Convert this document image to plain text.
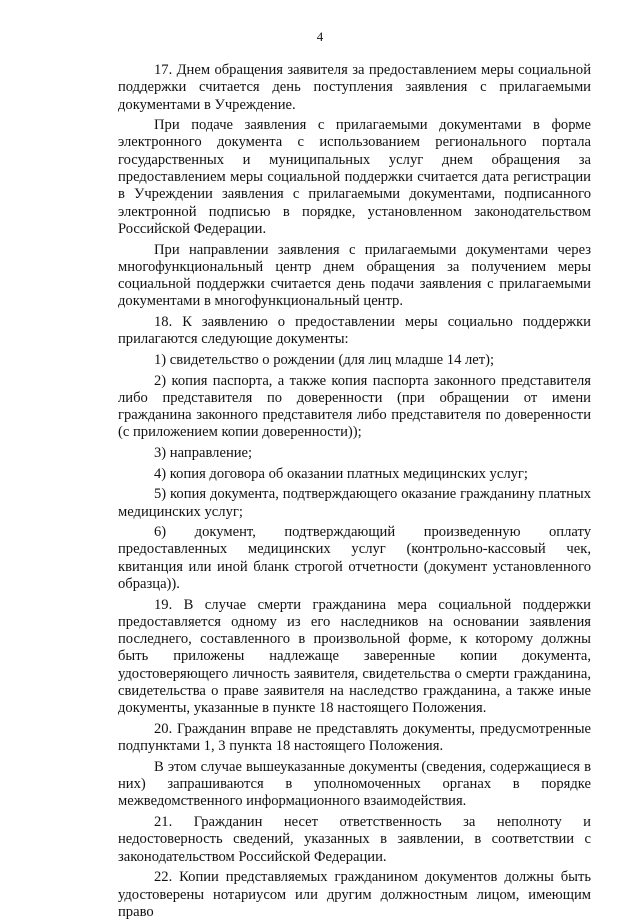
4

17. Днем обращения заявителя за предоставлением меры социальной поддержки считается день поступления заявления с прилагаемыми документами в Учреждение.

При подаче заявления с прилагаемыми документами в форме электронного документа с использованием регионального портала государственных и муниципальных услуг днем обращения за предоставлением меры социальной поддержки считается дата регистрации в Учреждении заявления с прилагаемыми документами, подписанного электронной подписью в порядке, установленном законодательством Российской Федерации.

При направлении заявления с прилагаемыми документами через многофункциональный центр днем обращения за получением меры социальной поддержки считается день подачи заявления с прилагаемыми документами в многофункциональный центр.

18. К заявлению о предоставлении меры социально поддержки прилагаются следующие документы:

1) свидетельство о рождении (для лиц младше 14 лет);

2) копия паспорта, а также копия паспорта законного представителя либо представителя по доверенности (при обращении от имени гражданина законного представителя либо представителя по доверенности (с приложением копии доверенности));

3) направление;

4) копия договора об оказании платных медицинских услуг;

5) копия документа, подтверждающего оказание гражданину платных медицинских услуг;

6) документ, подтверждающий произведенную оплату предоставленных медицинских услуг (контрольно-кассовый чек, квитанция или иной бланк строгой отчетности (документ установленного образца)).

19. В случае смерти гражданина мера социальной поддержки предоставляется одному из его наследников на основании заявления последнего, составленного в произвольной форме, к которому должны быть приложены надлежаще заверенные копии документа, удостоверяющего личность заявителя, свидетельства о смерти гражданина, свидетельства о праве заявителя на наследство гражданина, а также иные документы, указанные в пункте 18 настоящего Положения.

20. Гражданин вправе не представлять документы, предусмотренные подпунктами 1, 3 пункта 18 настоящего Положения.

В этом случае вышеуказанные документы (сведения, содержащиеся в них) запрашиваются в уполномоченных органах в порядке межведомственного информационного взаимодействия.

21. Гражданин несет ответственность за неполноту и недостоверность сведений, указанных в заявлении, в соответствии с законодательством Российской Федерации.

22. Копии представляемых гражданином документов должны быть удостоверены нотариусом или другим должностным лицом, имеющим право
